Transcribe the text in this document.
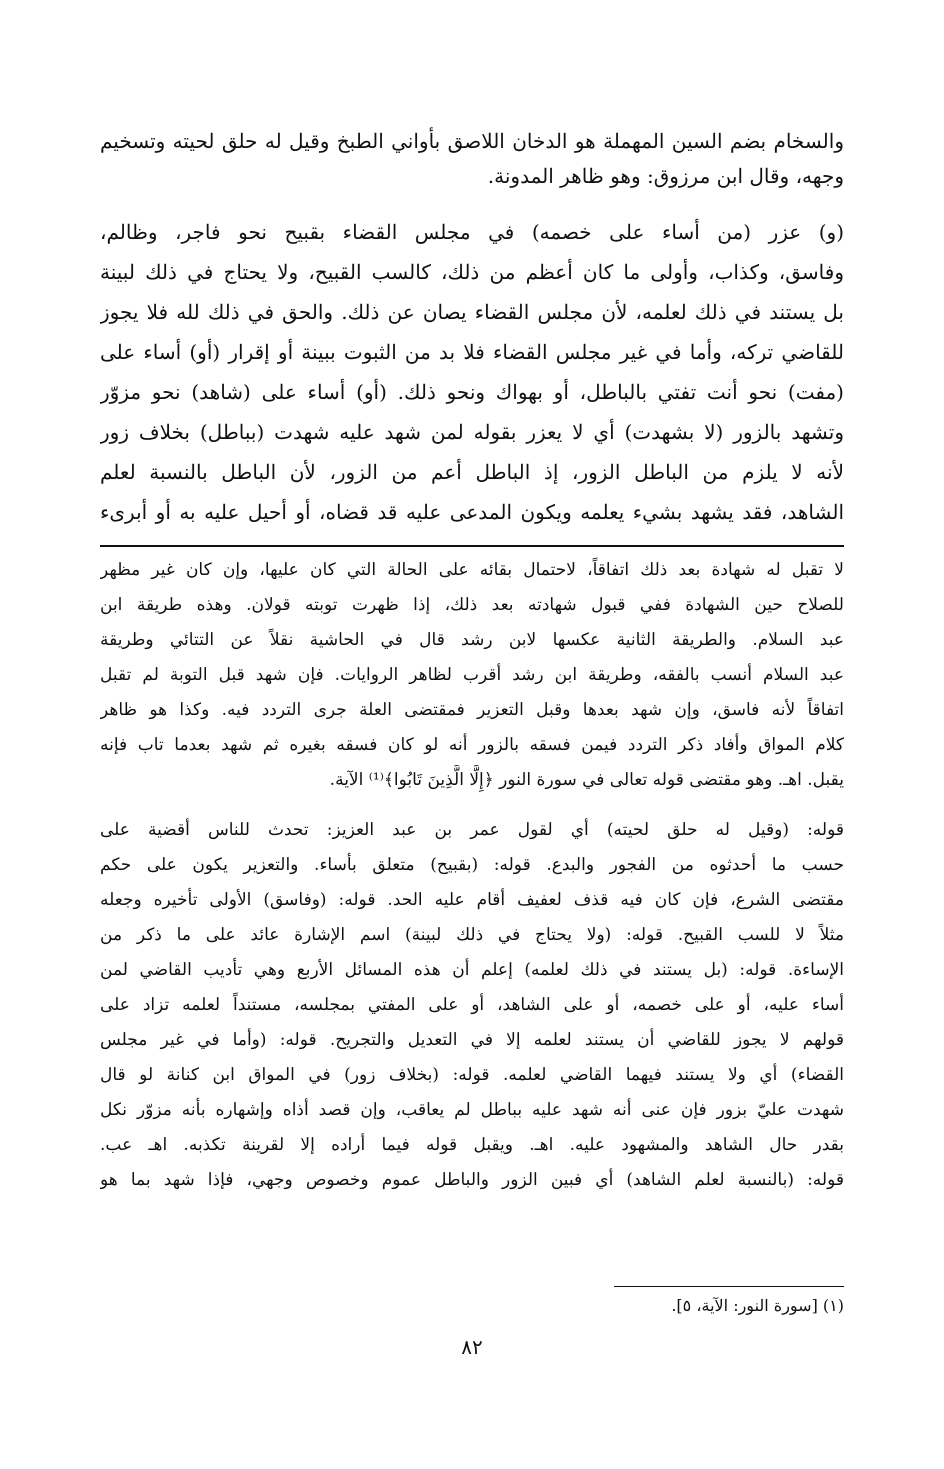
والسخام بضم السين المهملة هو الدخان اللاصق بأواني الطبخ وقيل له حلق لحيته وتسخيم
وجهه، وقال ابن مرزوق: وهو ظاهر المدونة.
(و) عزر (من أساء على خصمه) في مجلس القضاء بقبيح نحو فاجر، وظالم،
وفاسق، وكذاب، وأولى ما كان أعظم من ذلك، كالسب القبيح، ولا يحتاج في ذلك لبينة
بل يستند في ذلك لعلمه، لأن مجلس القضاء يصان عن ذلك. والحق في ذلك لله فلا يجوز
للقاضي تركه، وأما في غير مجلس القضاء فلا بد من الثبوت ببينة أو إقرار (أو) أساء على
(مفت) نحو أنت تفتي بالباطل، أو بهواك ونحو ذلك. (أو) أساء على (شاهد) نحو مزوّر
وتشهد بالزور (لا بشهدت) أي لا يعزر بقوله لمن شهد عليه شهدت (بباطل) بخلاف زور
لأنه لا يلزم من الباطل الزور، إذ الباطل أعم من الزور، لأن الباطل بالنسبة لعلم
الشاهد، فقد يشهد بشيء يعلمه ويكون المدعى عليه قد قضاه، أو أحيل عليه به أو أبرىء
لا تقبل له شهادة بعد ذلك اتفاقاً، لاحتمال بقائه على الحالة التي كان عليها، وإن كان غير مظهر
للصلاح حين الشهادة ففي قبول شهادته بعد ذلك، إذا ظهرت توبته قولان. وهذه طريقة ابن
عبد السلام. والطريقة الثانية عكسها لابن رشد قال في الحاشية نقلاً عن التتائي وطريقة
عبد السلام أنسب بالفقه، وطريقة ابن رشد أقرب لظاهر الروايات. فإن شهد قبل التوبة لم تقبل
اتفاقاً لأنه فاسق، وإن شهد بعدها وقبل التعزير فمقتضى العلة جرى التردد فيه. وكذا هو ظاهر
كلام المواق وأفاد ذكر التردد فيمن فسقه بالزور أنه لو كان فسقه بغيره ثم شهد بعدما تاب فإنه
يقبل. اهـ. وهو مقتضى قوله تعالى في سورة النور ﴿إِلَّا الَّذِينَ تَابُوا﴾⁽¹⁾ الآية.
قوله: (وقيل له حلق لحيته) أي لقول عمر بن عبد العزيز: تحدث للناس أقضية على
حسب ما أحدثوه من الفجور والبدع. قوله: (بقبيح) متعلق بأساء. والتعزير يكون على حكم
مقتضى الشرع، فإن كان فيه قذف لعفيف أقام عليه الحد. قوله: (وفاسق) الأولى تأخيره وجعله
مثلاً لا للسب القبيح. قوله: (ولا يحتاج في ذلك لبينة) اسم الإشارة عائد على ما ذكر من
الإساءة. قوله: (بل يستند في ذلك لعلمه) إعلم أن هذه المسائل الأربع وهي تأديب القاضي لمن
أساء عليه، أو على خصمه، أو على الشاهد، أو على المفتي بمجلسه، مستنداً لعلمه تزاد على
قولهم لا يجوز للقاضي أن يستند لعلمه إلا في التعديل والتجريح. قوله: (وأما في غير مجلس
القضاء) أي ولا يستند فيهما القاضي لعلمه. قوله: (بخلاف زور) في المواق ابن كنانة لو قال
شهدت عليّ بزور فإن عنى أنه شهد عليه بباطل لم يعاقب، وإن قصد أذاه وإشهاره بأنه مزوّر نكل
بقدر حال الشاهد والمشهود عليه. اهـ. ويقبل قوله فيما أراده إلا لقرينة تكذبه. اهـ عب.
قوله: (بالنسبة لعلم الشاهد) أي فبين الزور والباطل عموم وخصوص وجهي، فإذا شهد بما هو
(١) [سورة النور: الآية، ٥].
٨٢
